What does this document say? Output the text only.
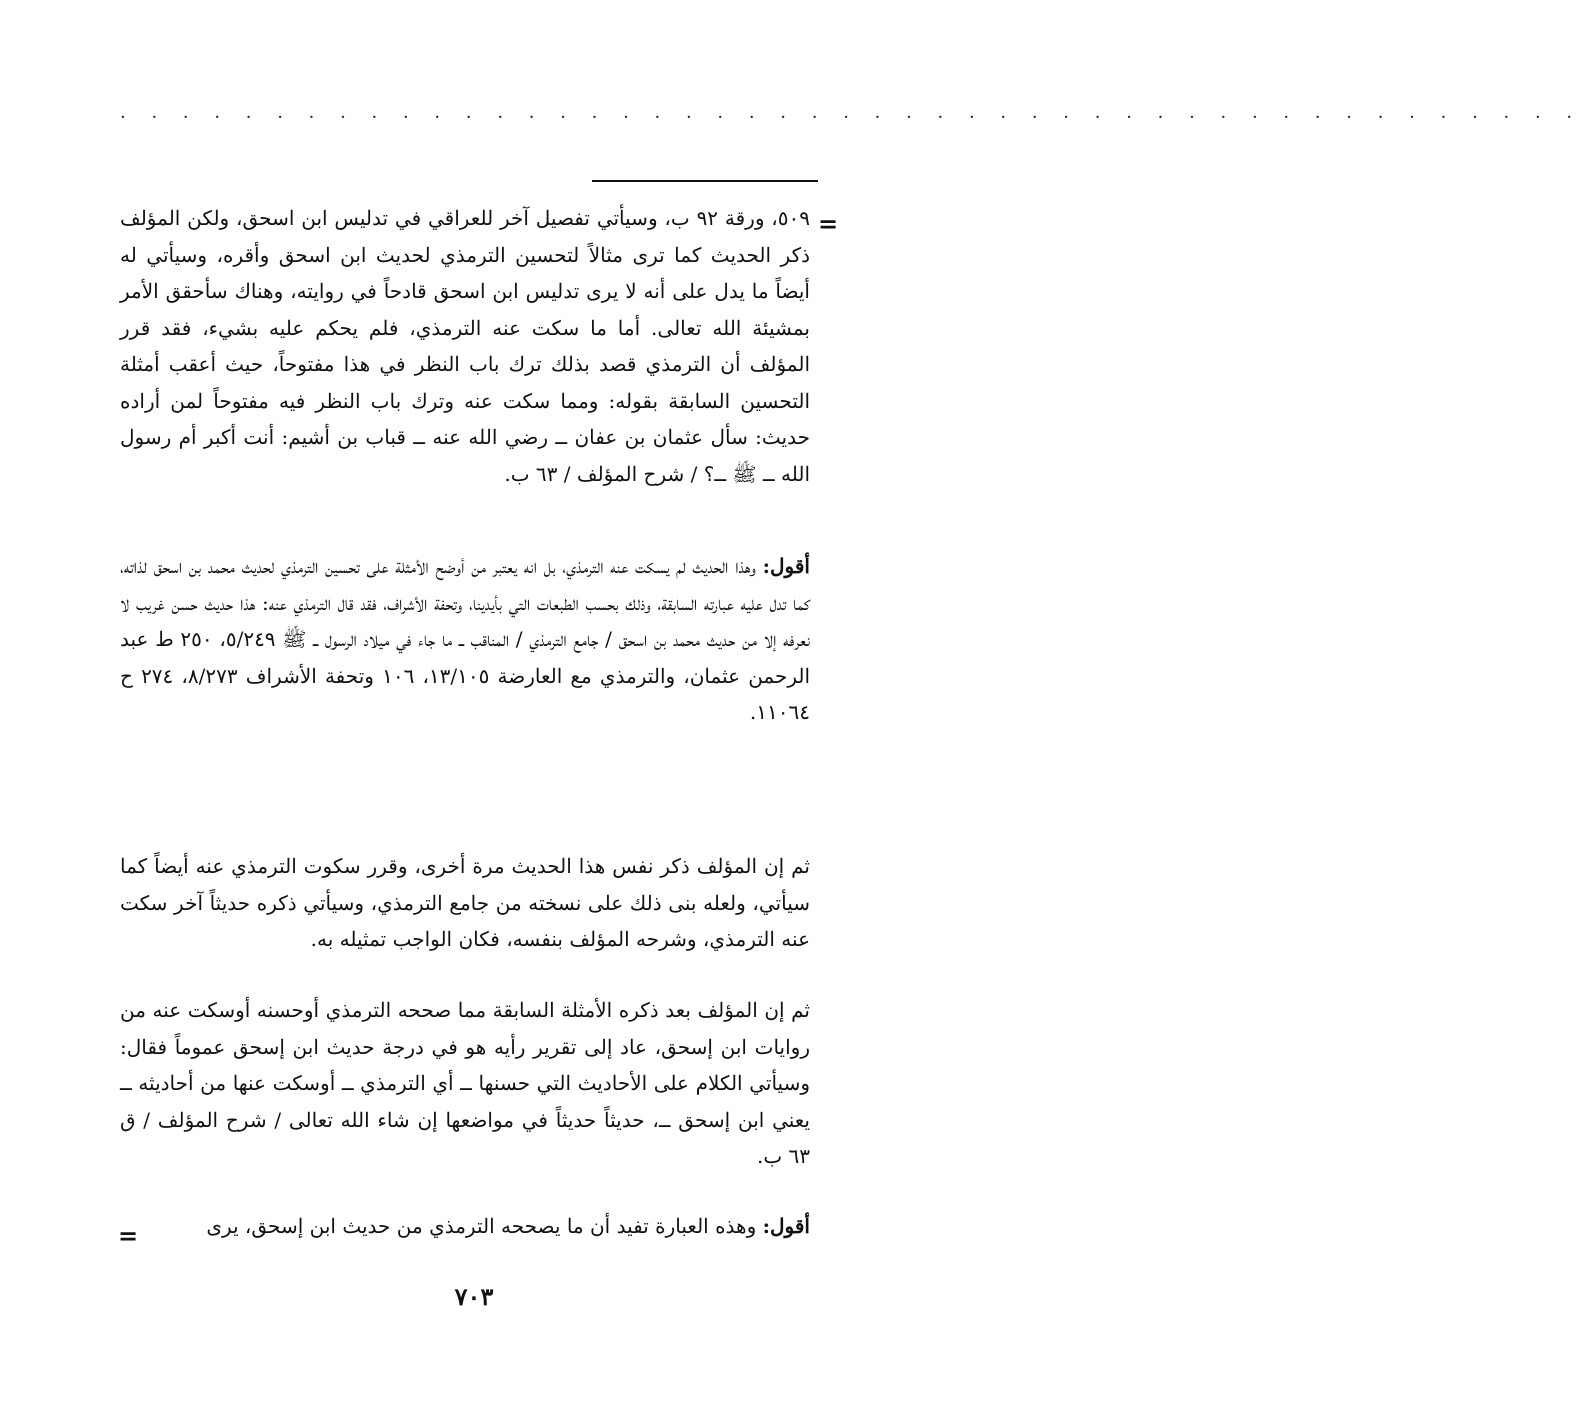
· · · · · · · · · · · · · · · · · · · · · · · · · · · · · · · · · · · · · · · · · · · · · · ·
=

٥٠٩، ورقة ٩٢ ب، وسيأتي تفصيل آخر للعراقي في تدليس ابن اسحق، ولكن المؤلف ذكر الحديث كما ترى مثالاً لتحسين الترمذي لحديث ابن اسحق وأقره، وسيأتي له أيضاً ما يدل على أنه لا يرى تدليس ابن اسحق قادحاً في روايته، وهناك سأحقق الأمر بمشيئة الله تعالى. أما ما سكت عنه الترمذي، فلم يحكم عليه بشيء، فقد قرر المؤلف أن الترمذي قصد بذلك ترك باب النظر في هذا مفتوحاً، حيث أعقب أمثلة التحسين السابقة بقوله: ومما سكت عنه وترك باب النظر فيه مفتوحاً لمن أراده حديث: سأل عثمان بن عفان ــ رضي الله عنه ــ قباب بن أشيم: أنت أكبر أم رسول الله ــ ﷺ ــ؟ / شرح المؤلف / ٦٣ ب.

أقول: وهذا الحديث لم يسكت عنه الترمذي، بل انه يعتبر من أوضح الأمثلة على تحسين الترمذي لحديث محمد بن اسحق لذاته، كما تدل عليه عبارته السابقة، وذلك بحسب الطبعات التي بأيدينا، وتحفة الأشراف، فقد قال الترمذي عنه: هذا حديث حسن غريب لا نعرفه إلا من حديث محمد بن اسحق / جامع الترمذي / المناقب ــ ما جاء في ميلاد الرسول ــ ﷺ ٥/٢٤٩، ٢٥٠ ط عبد الرحمن عثمان، والترمذي مع العارضة ١٣/١٠٥، ١٠٦ وتحفة الأشراف ٨/٢٧٣، ٢٧٤ ح ١١٠٦٤.

ثم إن المؤلف ذكر نفس هذا الحديث مرة أخرى، وقرر سكوت الترمذي عنه أيضاً كما سيأتي، ولعله بنى ذلك على نسخته من جامع الترمذي، وسيأتي ذكره حديثاً آخر سكت عنه الترمذي، وشرحه المؤلف بنفسه، فكان الواجب تمثيله به.

ثم إن المؤلف بعد ذكره الأمثلة السابقة مما صححه الترمذي أوحسنه أوسكت عنه من روايات ابن إسحق، عاد إلى تقرير رأيه هو في درجة حديث ابن إسحق عموماً فقال: وسيأتي الكلام على الأحاديث التي حسنها ــ أي الترمذي ــ أوسكت عنها من أحاديثه ــ يعني ابن إسحق ــ، حديثاً حديثاً في مواضعها إن شاء الله تعالى / شرح المؤلف / ق ٦٣ ب.

أقول: وهذه العبارة تفيد أن ما يصححه الترمذي من حديث ابن إسحق، يرى

=
٧٠٣
